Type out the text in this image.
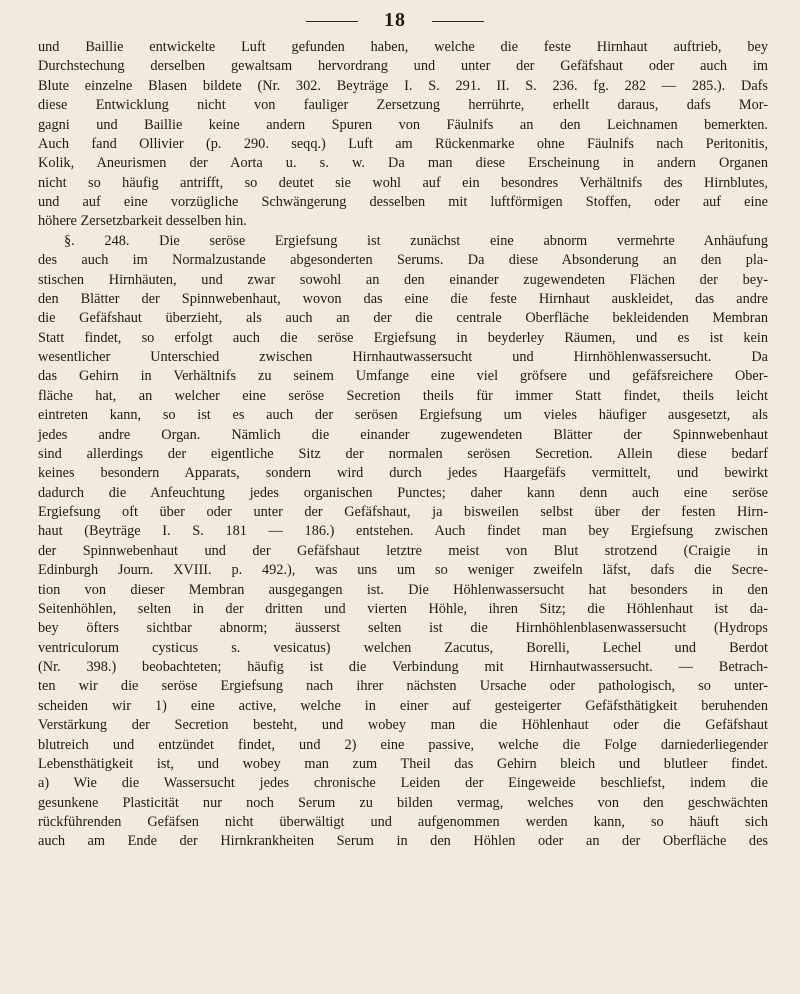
18
und Baillie entwickelte Luft gefunden haben, welche die feste Hirnhaut auftrieb, bey
Durchstechung derselben gewaltsam hervordrang und unter der Gefäfshaut oder auch im
Blute einzelne Blasen bildete (Nr. 302. Beyträge I. S. 291. II. S. 236. fg. 282 — 285.). Dafs
diese Entwicklung nicht von fauliger Zersetzung herrührte, erhellt daraus, dafs Mor-
gagni und Baillie keine andern Spuren von Fäulnifs an den Leichnamen bemerkten.
Auch fand Ollivier (p. 290. seqq.) Luft am Rückenmarke ohne Fäulnifs nach Peritonitis,
Kolik, Aneurismen der Aorta u. s. w. Da man diese Erscheinung in andern Organen
nicht so häufig antrifft, so deutet sie wohl auf ein besondres Verhältnifs des Hirnblutes,
und auf eine vorzügliche Schwängerung desselben mit luftförmigen Stoffen, oder auf eine
höhere Zersetzbarkeit desselben hin.
§. 248. Die seröse Ergiefsung ist zunächst eine abnorm vermehrte Anhäufung
des auch im Normalzustande abgesonderten Serums. Da diese Absonderung an den pla-
stischen Hirnhäuten, und zwar sowohl an den einander zugewendeten Flächen der bey-
den Blätter der Spinnwebenhaut, wovon das eine die feste Hirnhaut auskleidet, das andre
die Gefäfshaut überzieht, als auch an der die centrale Oberfläche bekleidenden Membran
Statt findet, so erfolgt auch die seröse Ergiefsung in beyderley Räumen, und es ist kein
wesentlicher Unterschied zwischen Hirnhautwassersucht und Hirnhöhlenwassersucht. Da
das Gehirn in Verhältnifs zu seinem Umfange eine viel gröfsere und gefäfsreichere Ober-
fläche hat, an welcher eine seröse Secretion theils für immer Statt findet, theils leicht
eintreten kann, so ist es auch der serösen Ergiefsung um vieles häufiger ausgesetzt, als
jedes andre Organ. Nämlich die einander zugewendeten Blätter der Spinnwebenhaut
sind allerdings der eigentliche Sitz der normalen serösen Secretion. Allein diese bedarf
keines besondern Apparats, sondern wird durch jedes Haargefäfs vermittelt, und bewirkt
dadurch die Anfeuchtung jedes organischen Punctes; daher kann denn auch eine seröse
Ergiefsung oft über oder unter der Gefäfshaut, ja bisweilen selbst über der festen Hirn-
haut (Beyträge I. S. 181 — 186.) entstehen. Auch findet man bey Ergiefsung zwischen
der Spinnwebenhaut und der Gefäfshaut letztre meist von Blut strotzend (Craigie in
Edinburgh Journ. XVIII. p. 492.), was uns um so weniger zweifeln läfst, dafs die Secre-
tion von dieser Membran ausgegangen ist. Die Höhlenwassersucht hat besonders in den
Seitenhöhlen, selten in der dritten und vierten Höhle, ihren Sitz; die Höhlenhaut ist da-
bey öfters sichtbar abnorm; äusserst selten ist die Hirnhöhlenblasenwassersucht (Hydrops
ventriculorum cysticus s. vesicatus) welchen Zacutus, Borelli, Lechel und Berdot
(Nr. 398.) beobachteten; häufig ist die Verbindung mit Hirnhautwassersucht. — Betrach-
ten wir die seröse Ergiefsung nach ihrer nächsten Ursache oder pathologisch, so unter-
scheiden wir 1) eine active, welche in einer auf gesteigerter Gefäfsthätigkeit beruhenden
Verstärkung der Secretion besteht, und wobey man die Höhlenhaut oder die Gefäfshaut
blutreich und entzündet findet, und 2) eine passive, welche die Folge darniederliegender
Lebensthätigkeit ist, und wobey man zum Theil das Gehirn bleich und blutleer findet.
a) Wie die Wassersucht jedes chronische Leiden der Eingeweide beschliefst, indem die
gesunkene Plasticität nur noch Serum zu bilden vermag, welches von den geschwächten
rückführenden Gefäfsen nicht überwältigt und aufgenommen werden kann, so häuft sich
auch am Ende der Hirnkrankheiten Serum in den Höhlen oder an der Oberfläche des
